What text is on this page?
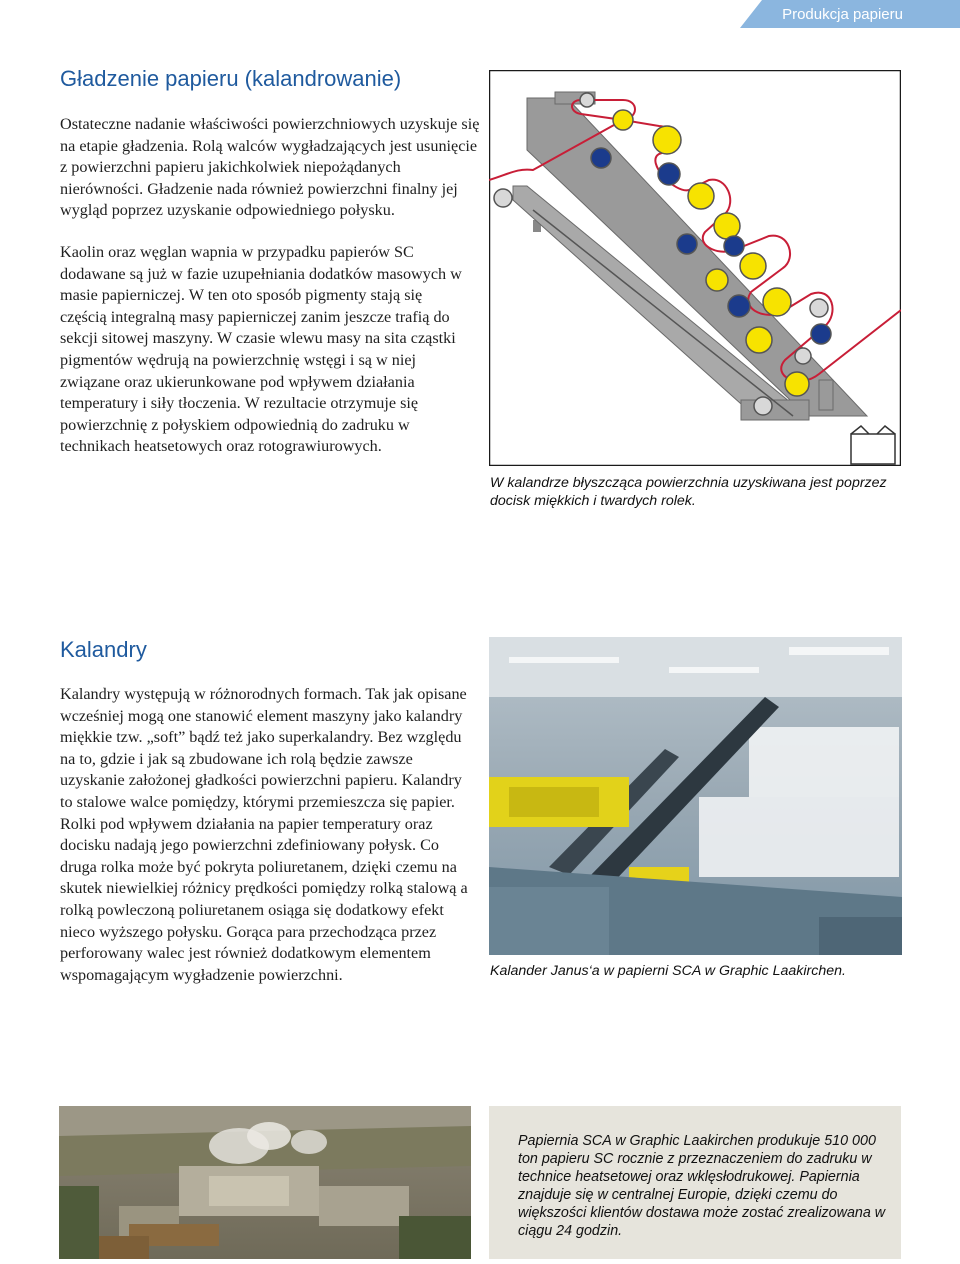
Produkcja papieru
Gładzenie papieru (kalandrowanie)

Ostateczne nadanie właściwości powierzchniowych uzyskuje się na etapie gładzenia. Rolą walców wygładzających jest usunięcie z powierzchni papieru jakichkolwiek niepożądanych nierówności. Gładzenie nada również powierzchni finalny jej wygląd poprzez uzyskanie odpowiedniego połysku.

Kaolin oraz węglan wapnia w przypadku papierów SC dodawane są już w fazie uzupełniania dodatków masowych w masie papierniczej. W ten oto sposób pigmenty stają się częścią integralną masy papierniczej zanim jeszcze trafią do sekcji sitowej maszyny. W czasie wlewu masy na sita cząstki pigmentów wędrują na powierzchnię wstęgi i są w niej związane oraz ukierunkowane pod wpływem działania temperatury i siły tłoczenia. W rezultacie otrzymuje się powierzchnię z połyskiem odpowiednią do zadruku w technikach heatsetowych oraz rotograwiurowych.

W kalandrze błyszcząca powierzchnia uzyskiwana jest poprzez docisk miękkich i twardych rolek.

Kalandry

Kalandry występują w różnorodnych formach. Tak jak opisane wcześniej mogą one stanowić element maszyny jako kalandry miękkie tzw. „soft” bądź też jako superkalandry. Bez względu na to, gdzie i jak są zbudowane ich rolą będzie zawsze uzyskanie założonej gładkości powierzchni papieru. Kalandry to stalowe walce pomiędzy, którymi przemieszcza się papier. Rolki pod wpływem działania na papier temperatury oraz docisku nadają jego powierzchni zdefiniowany połysk. Co druga rolka może być pokryta poliuretanem, dzięki czemu na skutek niewielkiej różnicy prędkości pomiędzy rolką stalową a rolką powleczoną poliuretanem osiąga się dodatkowy efekt nieco wyższego połysku. Gorąca para przechodząca przez perforowany walec jest również dodatkowym elementem wspomagającym wygładzenie powierzchni.	Kalander Janus‘a w papierni SCA w Graphic Laakirchen.

Papiernia SCA w Graphic Laakirchen produkuje 510 000 ton papieru SC rocznie z przeznaczeniem do zadruku w technice heatsetowej oraz wklęsłodrukowej. Papiernia znajduje się w centralnej Europie, dzięki czemu do większości klientów dostawa może zostać zrealizowana w ciągu 24 godzin.
